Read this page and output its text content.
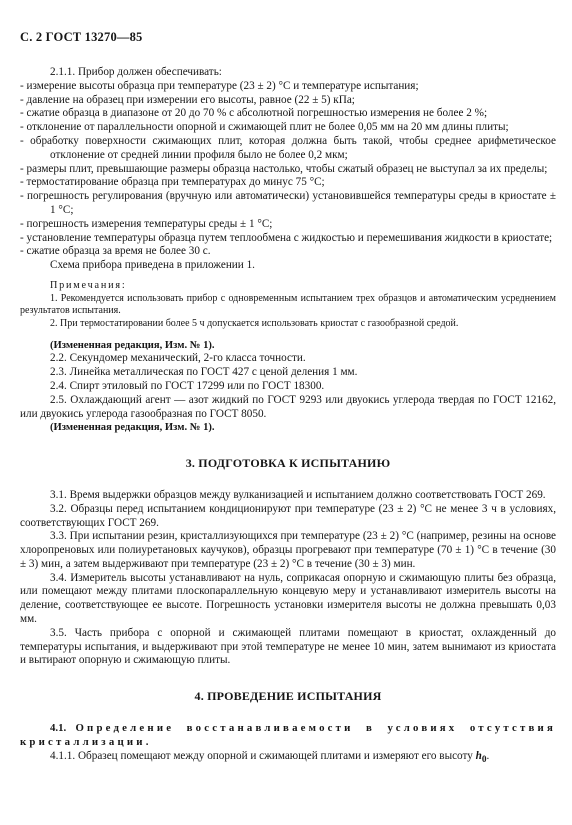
С. 2 ГОСТ 13270—85

2.1.1. Прибор должен обеспечивать:

- измерение высоты образца при температуре (23 ± 2) °С и температуре испытания;

- давление на образец при измерении его высоты, равное (22 ± 5) кПа;

- сжатие образца в диапазоне от 20 до 70 % с абсолютной погрешностью измерения не более 2 %;

- отклонение от параллельности опорной и сжимающей плит не более 0,05 мм на 20 мм длины плиты;

- обработку поверхности сжимающих плит, которая должна быть такой, чтобы среднее арифметическое отклонение от средней линии профиля было не более 0,2 мкм;

- размеры плит, превышающие размеры образца настолько, чтобы сжатый образец не выступал за их пределы;

- термостатирование образца при температурах до минус 75 °С;

- погрешность регулирования (вручную или автоматически) установившейся температуры среды в криостате ± 1 °С;

- погрешность измерения температуры среды ± 1 °С;

- установление температуры образца путем теплообмена с жидкостью и перемешивания жидкости в криостате;

- сжатие образца за время не более 30 с.

Схема прибора приведена в приложении 1.

Примечания:

1. Рекомендуется использовать прибор с одновременным испытанием трех образцов и автоматическим усреднением результатов испытания.

2. При термостатировании более 5 ч допускается использовать криостат с газообразной средой.

(Измененная редакция, Изм. № 1).

2.2. Секундомер механический, 2-го класса точности.

2.3. Линейка металлическая по ГОСТ 427 с ценой деления 1 мм.

2.4. Спирт этиловый по ГОСТ 17299 или по ГОСТ 18300.

2.5. Охлаждающий агент — азот жидкий по ГОСТ 9293 или двуокись углерода твердая по ГОСТ 12162, или двуокись углерода газообразная по ГОСТ 8050.

(Измененная редакция, Изм. № 1).

3. ПОДГОТОВКА К ИСПЫТАНИЮ

3.1. Время выдержки образцов между вулканизацией и испытанием должно соответствовать ГОСТ 269.

3.2. Образцы перед испытанием кондиционируют при температуре (23 ± 2) °С не менее 3 ч в условиях, соответствующих ГОСТ 269.

3.3. При испытании резин, кристаллизующихся при температуре (23 ± 2) °С (например, резины на основе хлоропреновых или полиуретановых каучуков), образцы прогревают при температуре (70 ± 1) °С в течение (30 ± 3) мин, а затем выдерживают при температуре (23 ± 2) °С в течение (30 ± 3) мин.

3.4. Измеритель высоты устанавливают на нуль, соприкасая опорную и сжимающую плиты без образца, или помещают между плитами плоскопараллельную концевую меру и устанавливают измеритель высоты на деление, соответствующее ее высоте. Погрешность установки измерителя высоты не должна превышать 0,03 мм.

3.5. Часть прибора с опорной и сжимающей плитами помещают в криостат, охлажденный до температуры испытания, и выдерживают при этой температуре не менее 10 мин, затем вынимают из криостата и вытирают опорную и сжимающую плиты.

4. ПРОВЕДЕНИЕ ИСПЫТАНИЯ

4.1. Определение восстанавливаемости в условиях отсутствия кристаллизации.

4.1.1. Образец помещают между опорной и сжимающей плитами и измеряют его высоту $h_0$.
